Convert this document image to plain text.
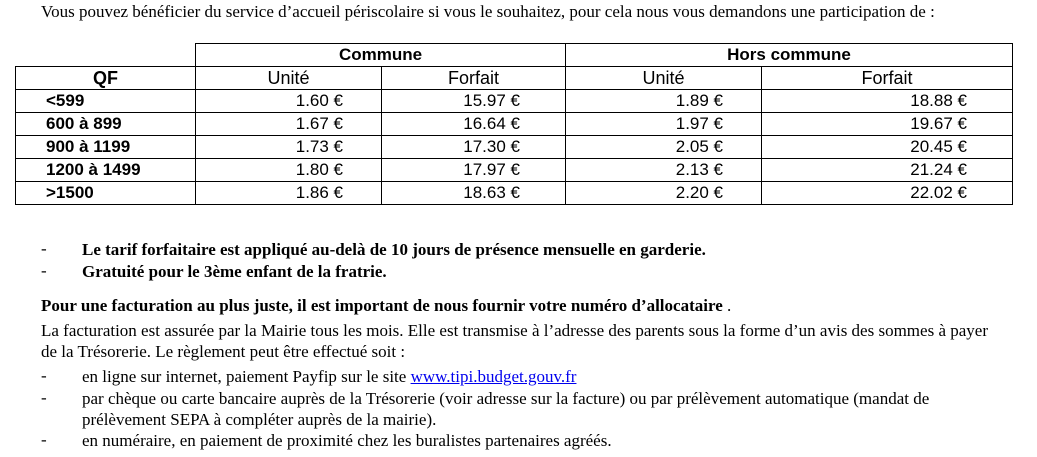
Vous pouvez bénéficier du service d’accueil périscolaire si vous le souhaitez, pour cela nous vous demandons une participation de :
	Commune		Hors commune	
QF	Unité	Forfait	Unité	Forfait
<599	1.60 €	15.97 €	1.89 €	18.88 €
600 à 899	1.67 €	16.64 €	1.97 €	19.67 €
900 à 1199	1.73 €	17.30 €	2.05 €	20.45 €
1200 à 1499	1.80 €	17.97 €	2.13 €	21.24 €
>1500	1.86 €	18.63 €	2.20 €	22.02 €
-	Le tarif forfaitaire est appliqué au-delà de 10 jours de présence mensuelle en garderie.
-	Gratuité pour le 3ème enfant de la fratrie.
Pour une facturation au plus juste, il est important de nous fournir votre numéro d’allocataire .
La facturation est assurée par la Mairie tous les mois. Elle est transmise à l’adresse des parents sous la forme d’un avis des sommes à payer de la Trésorerie. Le règlement peut être effectué soit :
-	en ligne sur internet, paiement Payfip sur le site www.tipi.budget.gouv.fr
-	par chèque ou carte bancaire auprès de la Trésorerie (voir adresse sur la facture) ou par prélèvement automatique (mandat de prélèvement SEPA à compléter auprès de la mairie).
-	en numéraire, en paiement de proximité chez les buralistes partenaires agréés.
